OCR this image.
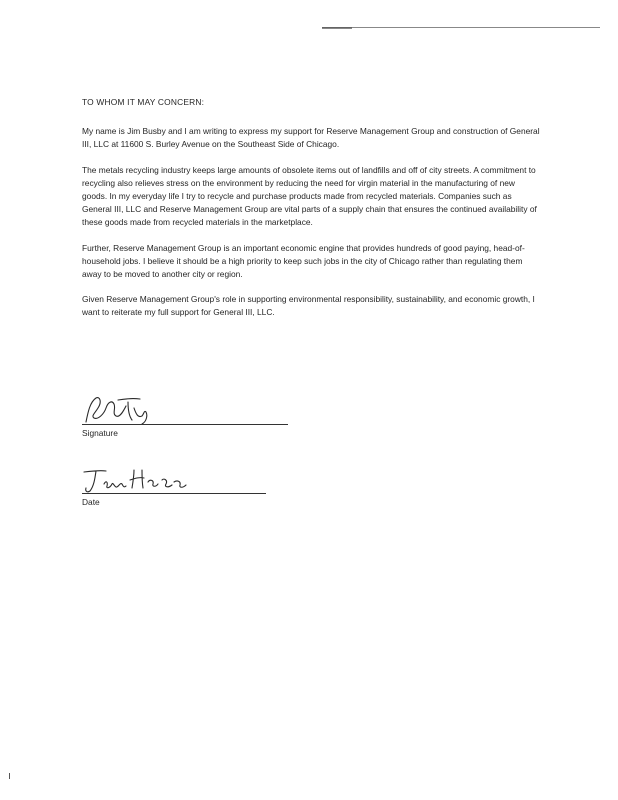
TO WHOM IT MAY CONCERN:

My name is Jim Busby and I am writing to express my support for Reserve Management Group and construction of General III, LLC at 11600 S. Burley Avenue on the Southeast Side of Chicago.

The metals recycling industry keeps large amounts of obsolete items out of landfills and off of city streets. A commitment to recycling also relieves stress on the environment by reducing the need for virgin material in the manufacturing of new goods. In my everyday life I try to recycle and purchase products made from recycled materials. Companies such as General III, LLC and Reserve Management Group are vital parts of a supply chain that ensures the continued availability of these goods made from recycled materials in the marketplace.

Further, Reserve Management Group is an important economic engine that provides hundreds of good paying, head-of-household jobs. I believe it should be a high priority to keep such jobs in the city of Chicago rather than regulating them away to be moved to another city or region.

Given Reserve Management Group's role in supporting environmental responsibility, sustainability, and economic growth, I want to reiterate my full support for General III, LLC.

Signature
Date
